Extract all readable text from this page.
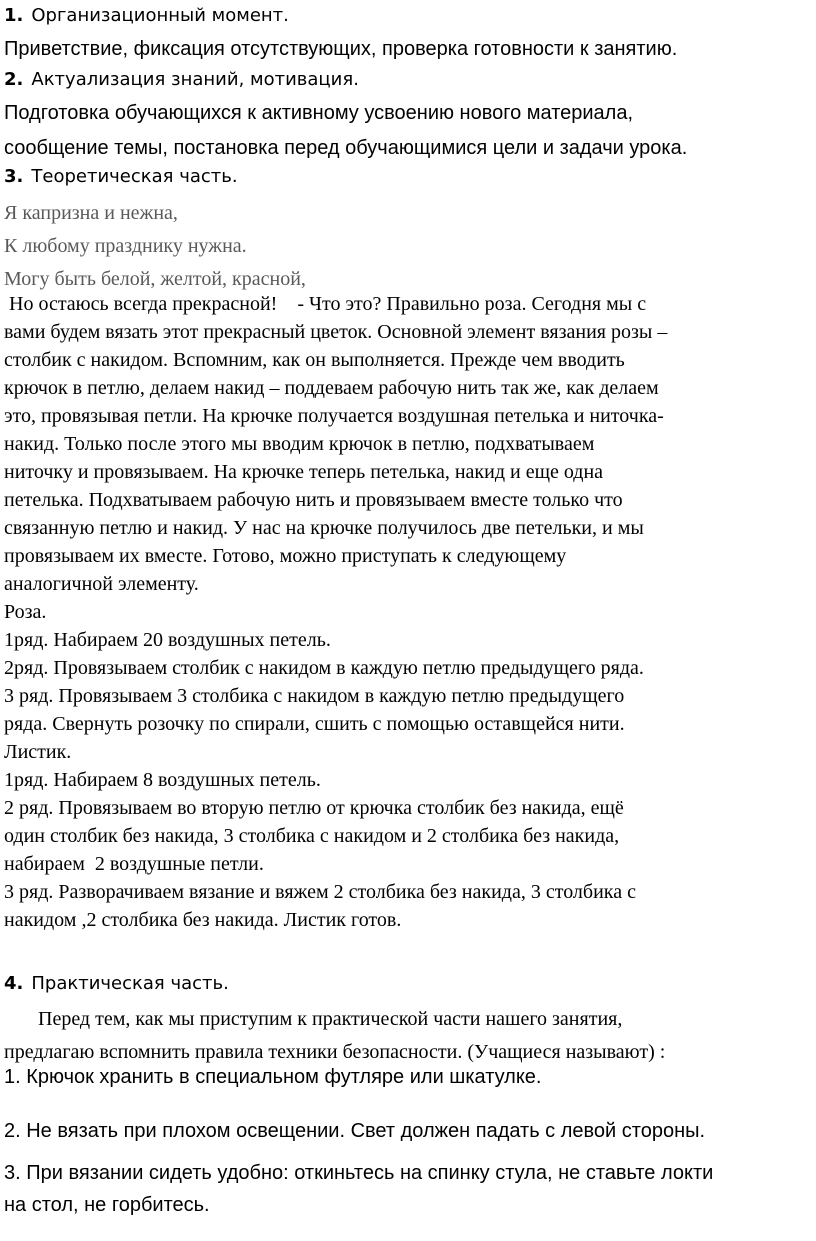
1. Организационный момент.
Приветствие, фиксация отсутствующих, проверка готовности к занятию.
2. Актуализация знаний, мотивация.
Подготовка обучающихся к активному усвоению нового материала,
сообщение темы, постановка перед обучающимися цели и задачи урока.
3. Теоретическая часть.
Я капризна и нежна,
К любому празднику нужна.
Могу быть белой, желтой, красной,
Но остаюсь всегда прекрасной!    - Что это? Правильно роза. Сегодня мы с
вами будем вязать этот прекрасный цветок. Основной элемент вязания розы –
столбик с накидом. Вспомним, как он выполняется. Прежде чем вводить
крючок в петлю, делаем накид – поддеваем рабочую нить так же, как делаем
это, провязывая петли. На крючке получается воздушная петелька и ниточка-
накид. Только после этого мы вводим крючок в петлю, подхватываем
ниточку и провязываем. На крючке теперь петелька, накид и еще одна
петелька. Подхватываем рабочую нить и провязываем вместе только что
связанную петлю и накид. У нас на крючке получилось две петельки, и мы
провязываем их вместе. Готово, можно приступать к следующему
аналогичной элементу.
Роза.
1ряд. Набираем 20 воздушных петель.
2ряд. Провязываем столбик с накидом в каждую петлю предыдущего ряда.
3 ряд. Провязываем 3 столбика с накидом в каждую петлю предыдущего
ряда. Свернуть розочку по спирали, сшить с помощью оставщейся нити.
Листик.
1ряд. Набираем 8 воздушных петель.
2 ряд. Провязываем во вторую петлю от крючка столбик без накида, ещё
один столбик без накида, 3 столбика с накидом и 2 столбика без накида,
набираем  2 воздушные петли.
3 ряд. Разворачиваем вязание и вяжем 2 столбика без накида, 3 столбика с
накидом ,2 столбика без накида. Листик готов.
4. Практическая часть.
Перед тем, как мы приступим к практической части нашего занятия,
предлагаю вспомнить правила техники безопасности. (Учащиеся называют) :
1. Крючок хранить в специальном футляре или шкатулке.
2. Не вязать при плохом освещении. Свет должен падать с левой стороны.
3. При вязании сидеть удобно: откиньтесь на спинку стула, не ставьте локти
на стол, не горбитесь.
